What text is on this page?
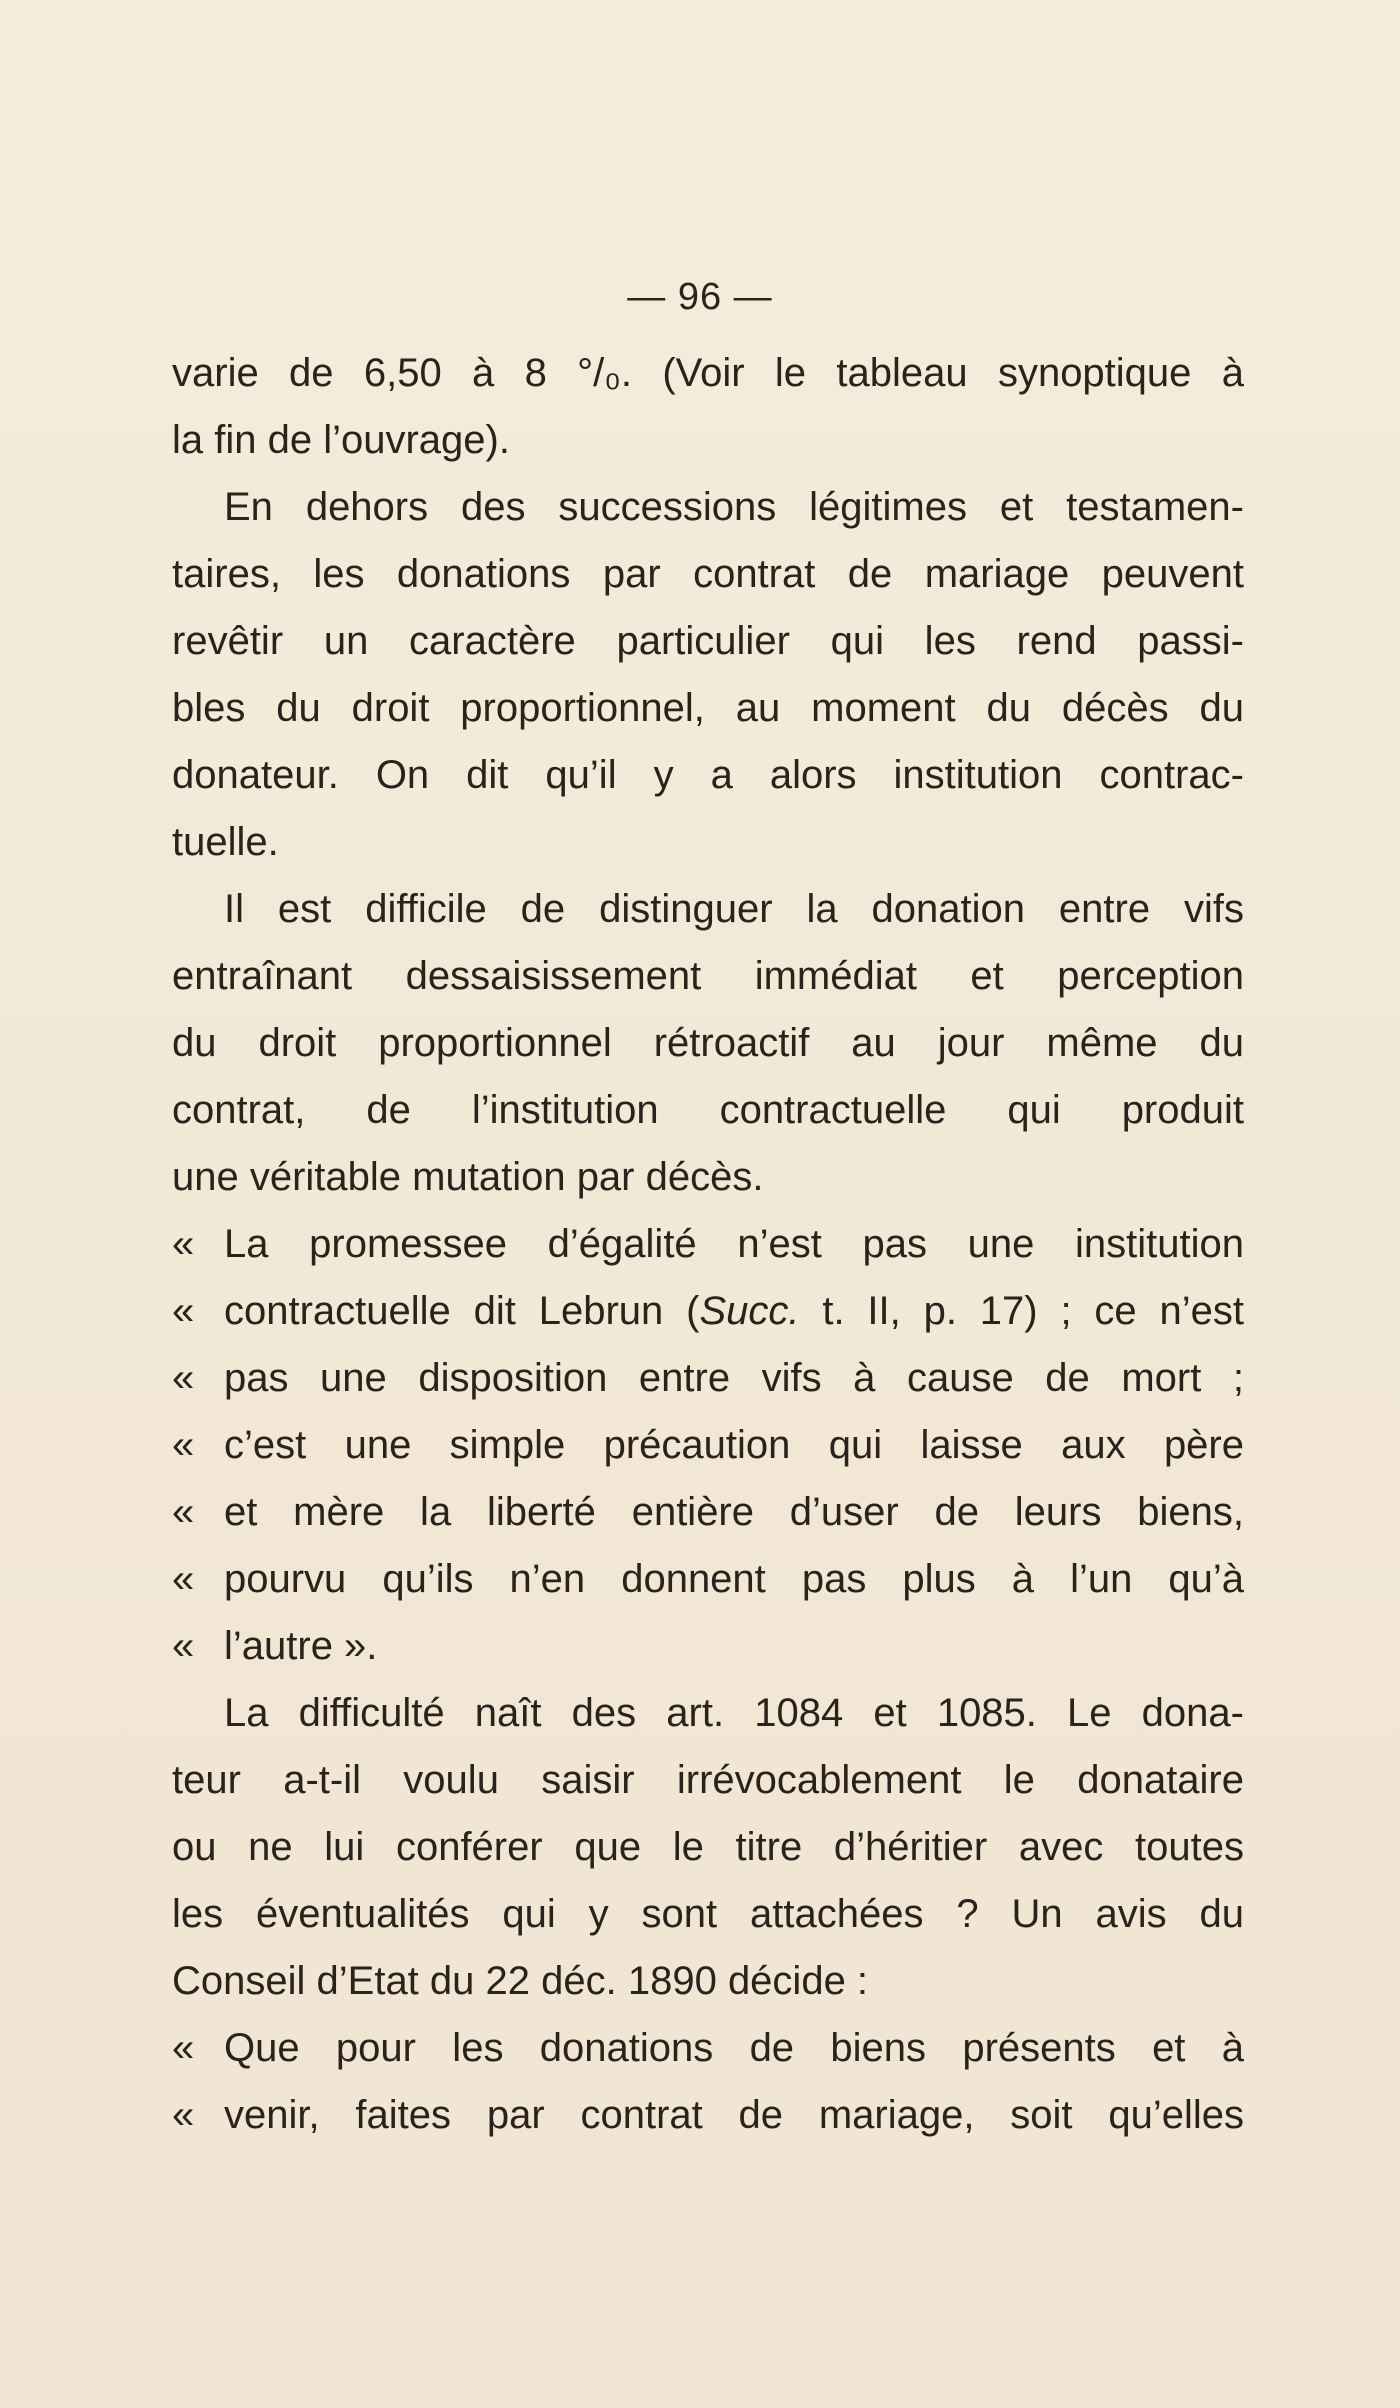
— 96 —
varie de 6,50 à 8 °/₀. (Voir le tableau synoptique à
la fin de l’ouvrage).
En dehors des successions légitimes et testamen-
taires, les donations par contrat de mariage peuvent
revêtir un caractère particulier qui les rend passi-
bles du droit proportionnel, au moment du décès du
donateur. On dit qu’il y a alors institution contrac-
tuelle.
Il est difficile de distinguer la donation entre vifs
entraînant dessaisissement immédiat et perception
du droit proportionnel rétroactif au jour même du
contrat, de l’institution contractuelle qui produit
une véritable mutation par décès.
« La promessee d’égalité n’est pas une institution
« contractuelle dit Lebrun (Succ. t. II, p. 17) ; ce n’est
« pas une disposition entre vifs à cause de mort ;
« c’est une simple précaution qui laisse aux père
« et mère la liberté entière d’user de leurs biens,
« pourvu qu’ils n’en donnent pas plus à l’un qu’à
« l’autre ».
La difficulté naît des art. 1084 et 1085. Le dona-
teur a-t-il voulu saisir irrévocablement le donataire
ou ne lui conférer que le titre d’héritier avec toutes
les éventualités qui y sont attachées ? Un avis du
Conseil d’Etat du 22 déc. 1890 décide :
« Que pour les donations de biens présents et à
« venir, faites par contrat de mariage, soit qu’elles
